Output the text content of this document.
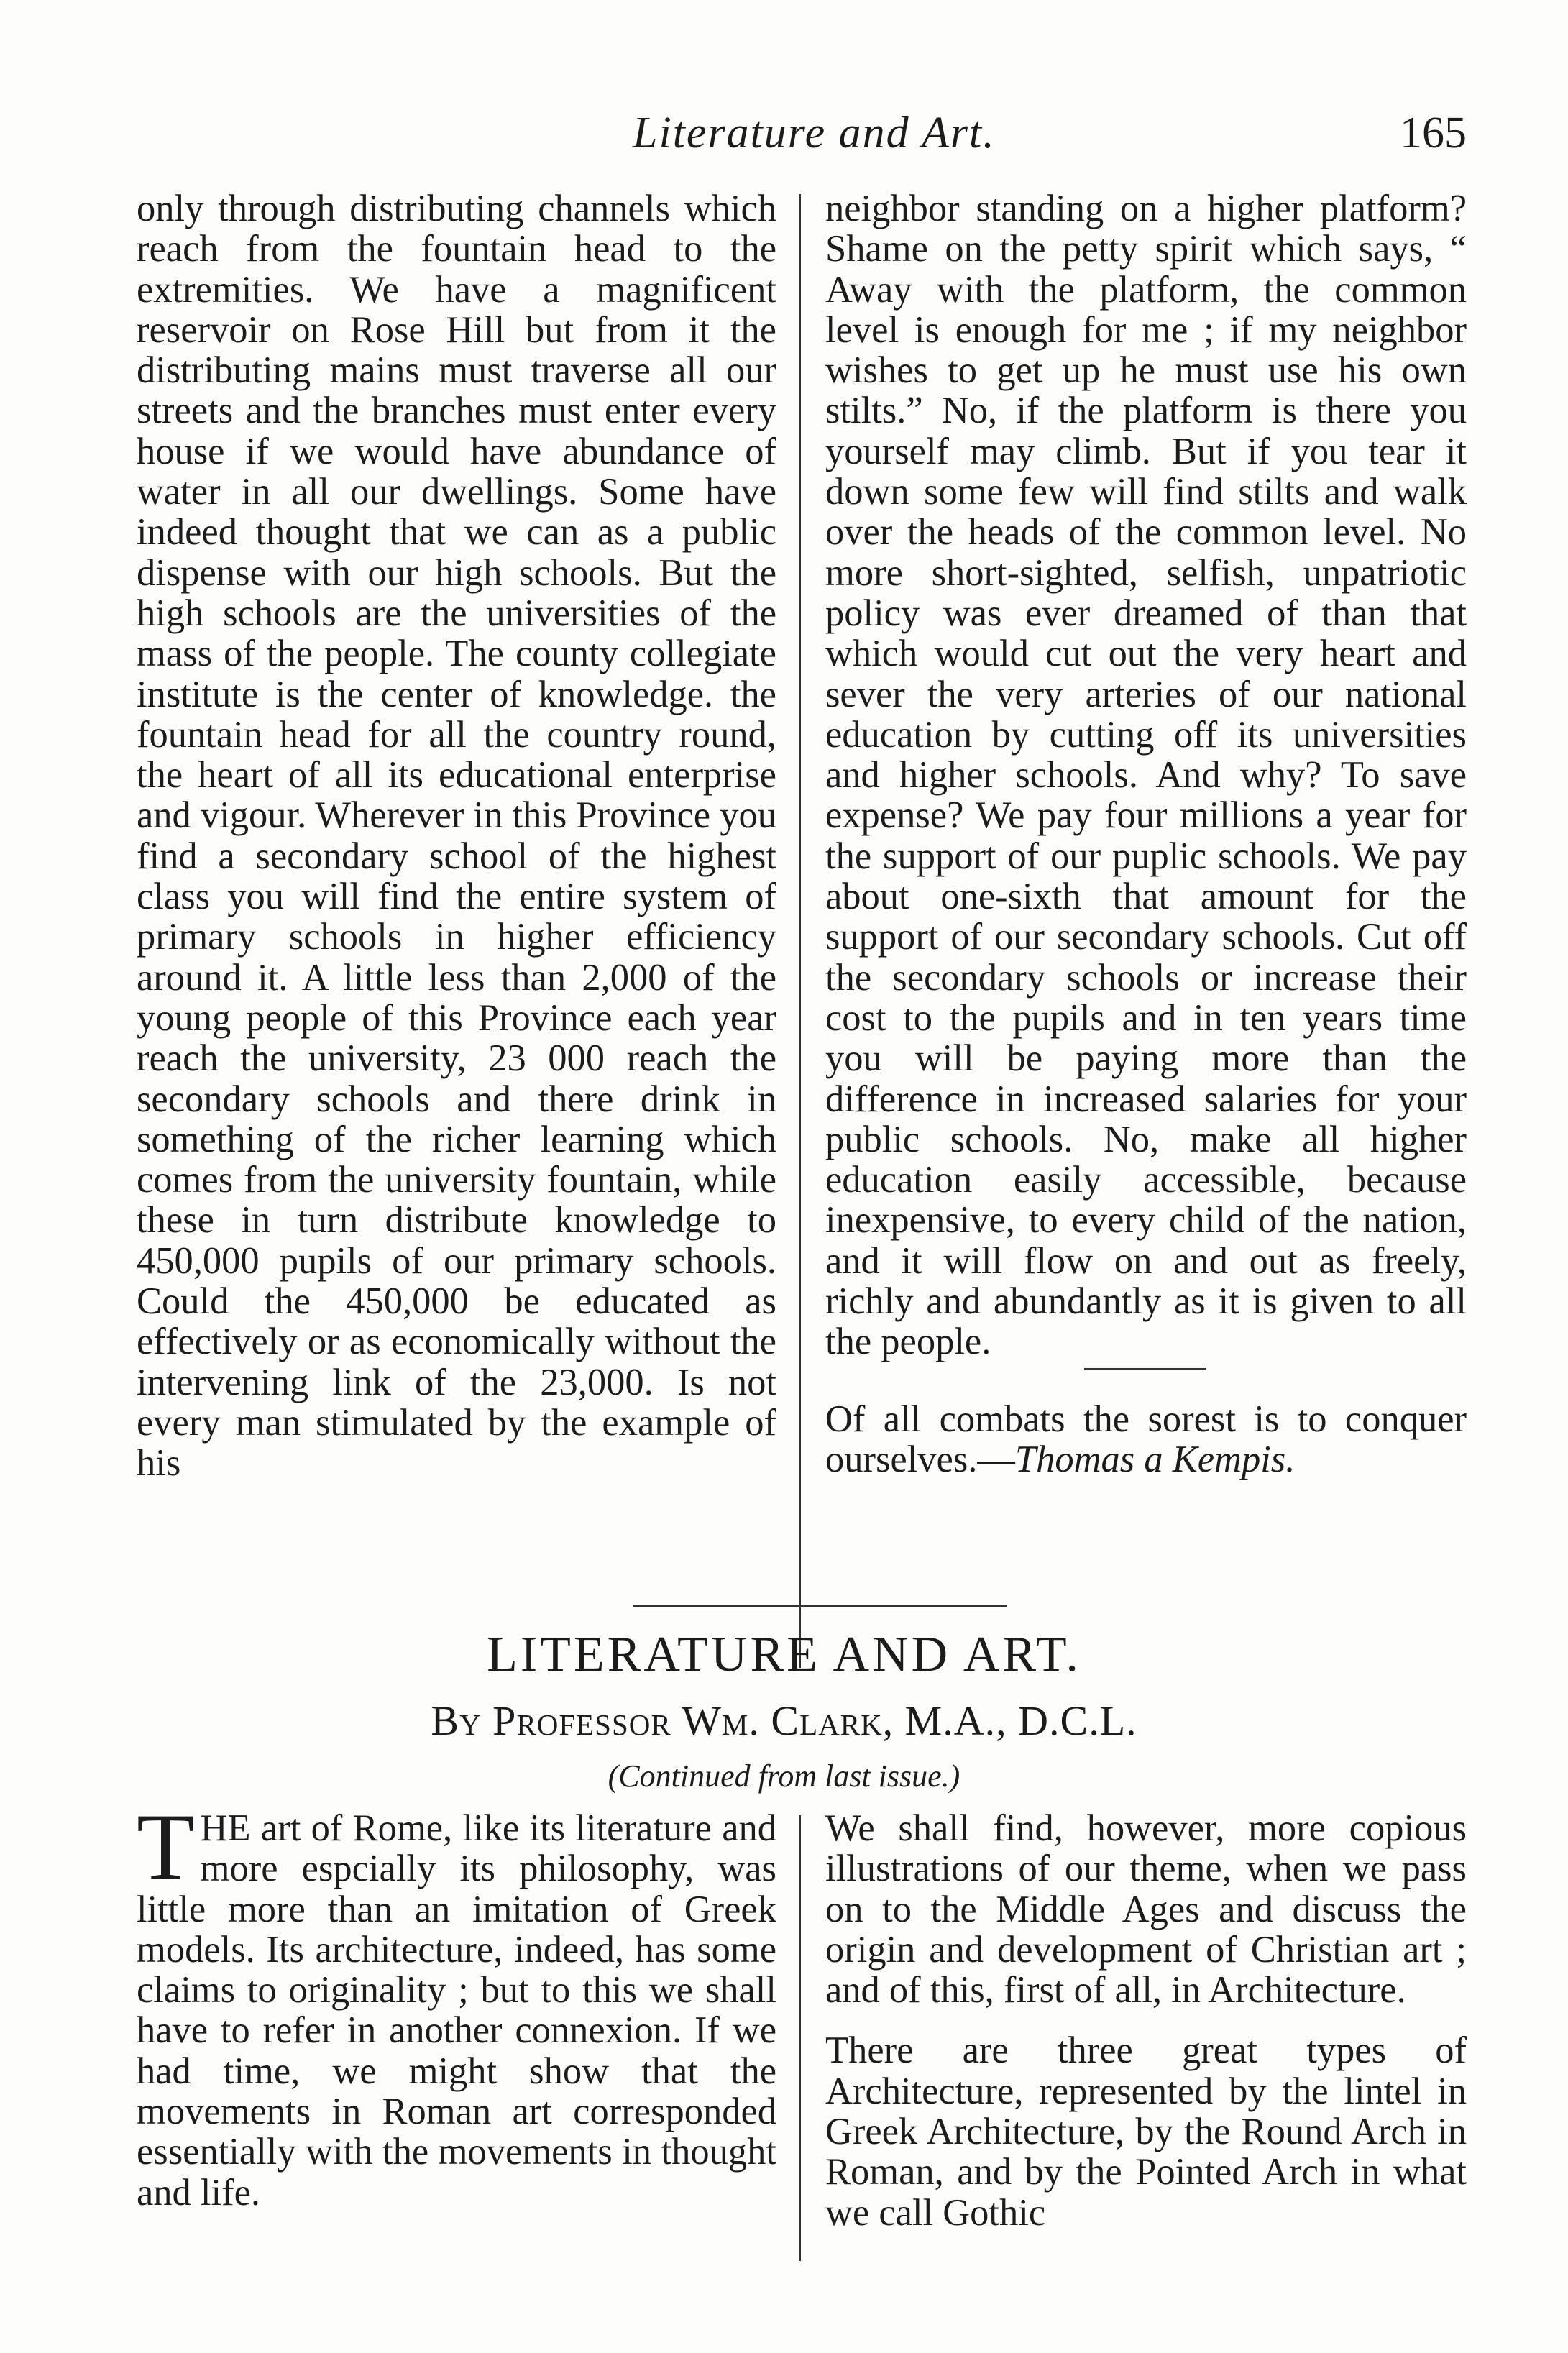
Literature and Art.	165

only through distributing channels which reach from the fountain head to the extremities. We have a magnificent reservoir on Rose Hill but from it the distributing mains must traverse all our streets and the branches must enter every house if we would have abundance of water in all our dwellings. Some have indeed thought that we can as a public dispense with our high schools. But the high schools are the universities of the mass of the people. The county collegiate institute is the center of knowledge. the fountain head for all the country round, the heart of all its educational enterprise and vigour. Wherever in this Province you find a secondary school of the highest class you will find the entire system of primary schools in higher efficiency around it. A little less than 2,000 of the young people of this Province each year reach the university, 23 000 reach the secondary schools and there drink in something of the richer learning which comes from the university fountain, while these in turn distribute knowledge to 450,000 pupils of our primary schools. Could the 450,000 be educated as effectively or as economically without the intervening link of the 23,000. Is not every man stimulated by the example of his

neighbor standing on a higher platform? Shame on the petty spirit which says, “ Away with the platform, the common level is enough for me ; if my neighbor wishes to get up he must use his own stilts.” No, if the platform is there you yourself may climb. But if you tear it down some few will find stilts and walk over the heads of the common level. No more short-sighted, selfish, unpatriotic policy was ever dreamed of than that which would cut out the very heart and sever the very arteries of our national education by cutting off its universities and higher schools. And why? To save expense? We pay four millions a year for the support of our puplic schools. We pay about one-sixth that amount for the support of our secondary schools. Cut off the secondary schools or increase their cost to the pupils and in ten years time you will be paying more than the difference in increased salaries for your public schools. No, make all higher education easily accessible, because inexpensive, to every child of the nation, and it will flow on and out as freely, richly and abundantly as it is given to all the people.

Of all combats the sorest is to conquer ourselves.—Thomas a Kempis.

LITERATURE AND ART.
By Professor Wm. Clark, M.A., D.C.L.
(Continued from last issue.)

THE art of Rome, like its literature and more espcially its philosophy, was little more than an imitation of Greek models. Its architecture, indeed, has some claims to originality ; but to this we shall have to refer in another connexion. If we had time, we might show that the movements in Roman art corresponded essentially with the movements in thought and life.

We shall find, however, more copious illustrations of our theme, when we pass on to the Middle Ages and discuss the origin and development of Christian art ; and of this, first of all, in Architecture.

There are three great types of Architecture, represented by the lintel in Greek Architecture, by the Round Arch in Roman, and by the Pointed Arch in what we call Gothic
